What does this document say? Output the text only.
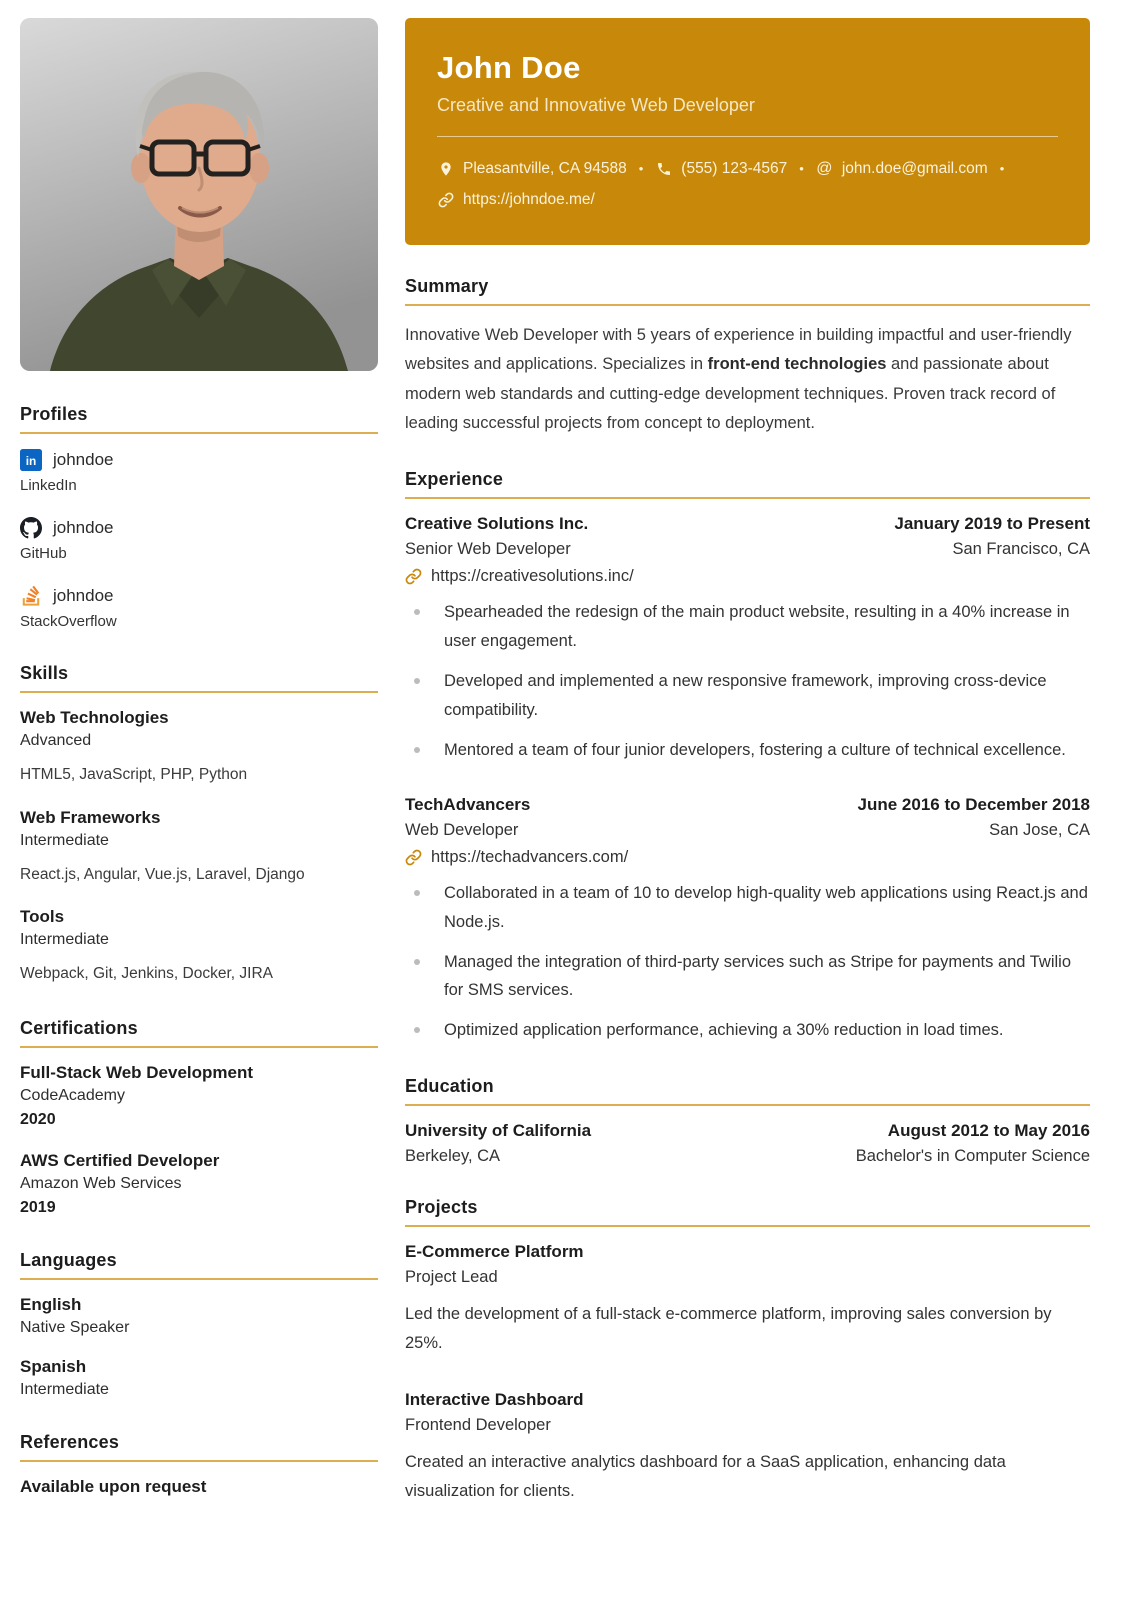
Profiles
in johndoe
LinkedIn
johndoe
GitHub
johndoe
StackOverflow
Skills
Web Technologies
Advanced
HTML5, JavaScript, PHP, Python
Web Frameworks
Intermediate
React.js, Angular, Vue.js, Laravel, Django
Tools
Intermediate
Webpack, Git, Jenkins, Docker, JIRA
Certifications
Full-Stack Web Development
CodeAcademy
2020
AWS Certified Developer
Amazon Web Services
2019
Languages
English
Native Speaker
Spanish
Intermediate
References
Available upon request
John Doe
Creative and Innovative Web Developer
Pleasantville, CA 94588 • (555) 123-4567 • @ john.doe@gmail.com •
https://johndoe.me/
Summary

Innovative Web Developer with 5 years of experience in building impactful and user-friendly websites and applications. Specializes in front-end technologies and passionate about modern web standards and cutting-edge development techniques. Proven track record of leading successful projects from concept to deployment.

Experience
Creative Solutions Inc.	January 2019 to Present
Senior Web Developer	San Francisco, CA
https://creativesolutions.inc/
Spearheaded the redesign of the main product website, resulting in a 40% increase in user engagement.
Developed and implemented a new responsive framework, improving cross-device compatibility.
Mentored a team of four junior developers, fostering a culture of technical excellence.
TechAdvancers	June 2016 to December 2018
Web Developer	San Jose, CA
https://techadvancers.com/
Collaborated in a team of 10 to develop high-quality web applications using React.js and Node.js.
Managed the integration of third-party services such as Stripe for payments and Twilio for SMS services.
Optimized application performance, achieving a 30% reduction in load times.
Education
University of California	August 2012 to May 2016
Berkeley, CA	Bachelor's in Computer Science
Projects
E-Commerce Platform
Project Lead
Led the development of a full-stack e-commerce platform, improving sales conversion by 25%.
Interactive Dashboard
Frontend Developer
Created an interactive analytics dashboard for a SaaS application, enhancing data visualization for clients.
